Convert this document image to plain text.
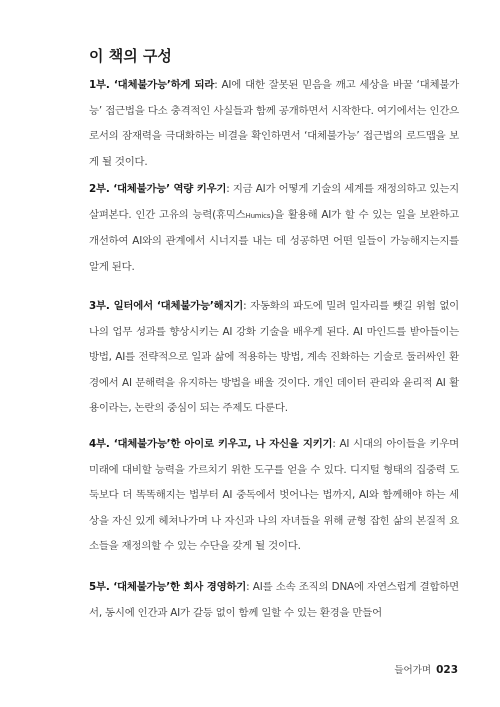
이 책의 구성

1부. ‘대체불가능’하게 되라: AI에 대한 잘못된 믿음을 깨고 세상을 바꿀 ‘대체불가능’ 접근법을 다소 충격적인 사실들과 함께 공개하면서 시작한다. 여기에서는 인간으로서의 잠재력을 극대화하는 비결을 확인하면서 ‘대체불가능’ 접근법의 로드맵을 보게 될 것이다.

2부. ‘대체불가능’ 역량 키우기: 지금 AI가 어떻게 기술의 세계를 재정의하고 있는지 살펴본다. 인간 고유의 능력(휴믹스Humics)을 활용해 AI가 할 수 있는 일을 보완하고 개선하여 AI와의 관계에서 시너지를 내는 데 성공하면 어떤 일들이 가능해지는지를 알게 된다.

3부. 일터에서 ‘대체불가능’해지기: 자동화의 파도에 밀려 일자리를 뺏길 위험 없이 나의 업무 성과를 향상시키는 AI 강화 기술을 배우게 된다. AI 마인드를 받아들이는 방법, AI를 전략적으로 일과 삶에 적용하는 방법, 계속 진화하는 기술로 둘러싸인 환경에서 AI 문해력을 유지하는 방법을 배울 것이다. 개인 데이터 관리와 윤리적 AI 활용이라는, 논란의 중심이 되는 주제도 다룬다.

4부. ‘대체불가능’한 아이로 키우고, 나 자신을 지키기: AI 시대의 아이들을 키우며 미래에 대비할 능력을 가르치기 위한 도구를 얻을 수 있다. 디지털 형태의 집중력 도둑보다 더 똑똑해지는 법부터 AI 중독에서 벗어나는 법까지, AI와 함께해야 하는 세상을 자신 있게 헤쳐나가며 나 자신과 나의 자녀들을 위해 균형 잡힌 삶의 본질적 요소들을 재정의할 수 있는 수단을 갖게 될 것이다.

5부. ‘대체불가능’한 회사 경영하기: AI를 소속 조직의 DNA에 자연스럽게 결합하면서, 동시에 인간과 AI가 갈등 없이 함께 일할 수 있는 환경을 만들어

들어가며 023
